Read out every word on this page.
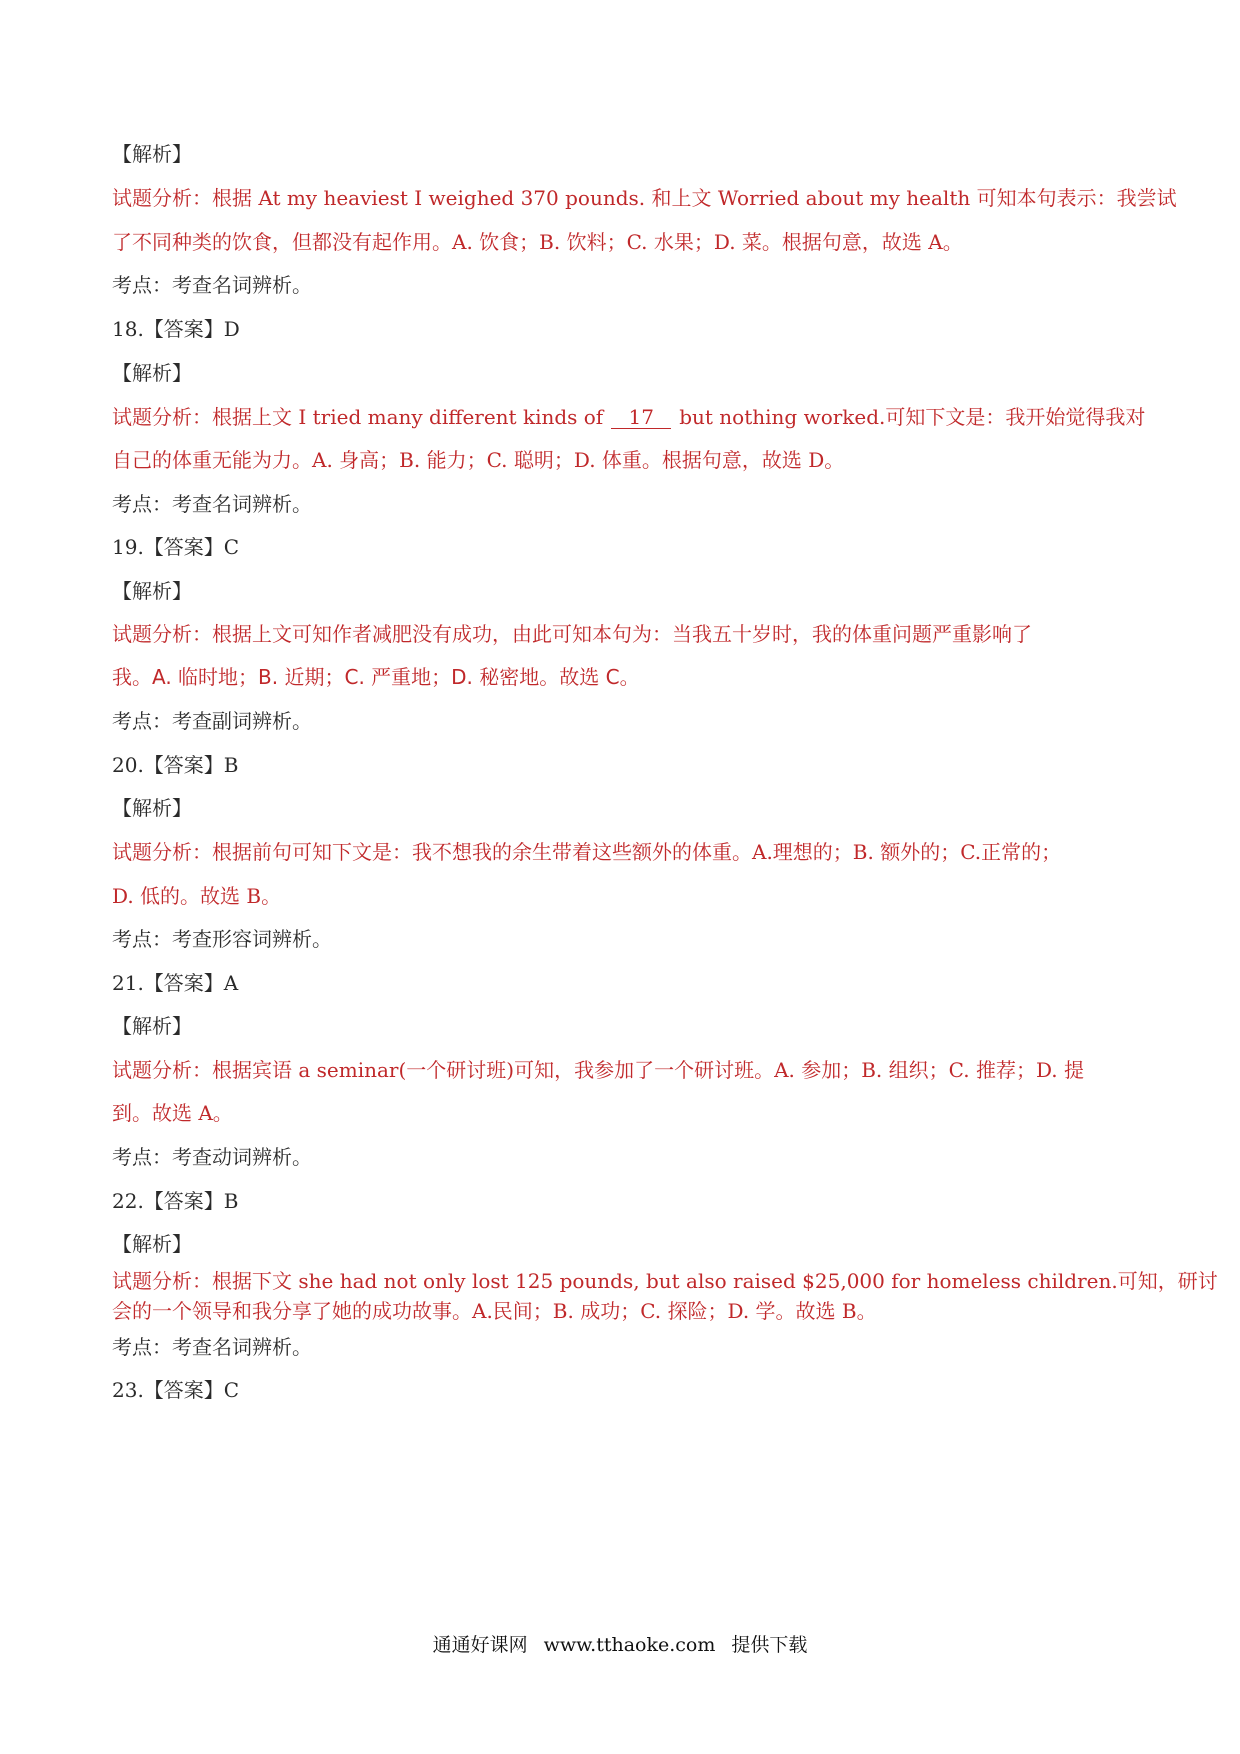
【解析】
试题分析：根据 At my heaviest I weighed 370 pounds. 和上文 Worried about my health 可知本句表示：我尝试
了不同种类的饮食，但都没有起作用。A. 饮食；B. 饮料；C. 水果；D. 菜。根据句意，故选 A。
考点：考查名词辨析。
18.【答案】D
【解析】
试题分析：根据上文 I tried many different kinds of 17 but nothing worked.可知下文是：我开始觉得我对
自己的体重无能为力。A. 身高；B. 能力；C. 聪明；D. 体重。根据句意，故选 D。
考点：考查名词辨析。
19.【答案】C
【解析】
试题分析：根据上文可知作者减肥没有成功，由此可知本句为：当我五十岁时，我的体重问题严重影响了
我。A. 临时地；B. 近期；C. 严重地；D. 秘密地。故选 C。
考点：考查副词辨析。
20.【答案】B
【解析】
试题分析：根据前句可知下文是：我不想我的余生带着这些额外的体重。A.理想的；B. 额外的；C.正常的；
D. 低的。故选 B。
考点：考查形容词辨析。
21.【答案】A
【解析】
试题分析：根据宾语 a seminar(一个研讨班)可知，我参加了一个研讨班。A. 参加；B. 组织；C. 推荐；D. 提
到。故选 A。
考点：考查动词辨析。
22.【答案】B
【解析】
试题分析：根据下文 she had not only lost 125 pounds, but also raised $25,000 for homeless children.可知，研讨
会的一个领导和我分享了她的成功故事。A.民间；B. 成功；C. 探险；D. 学。故选 B。
考点：考查名词辨析。
23.【答案】C
通通好课网 www.tthaoke.com 提供下载
